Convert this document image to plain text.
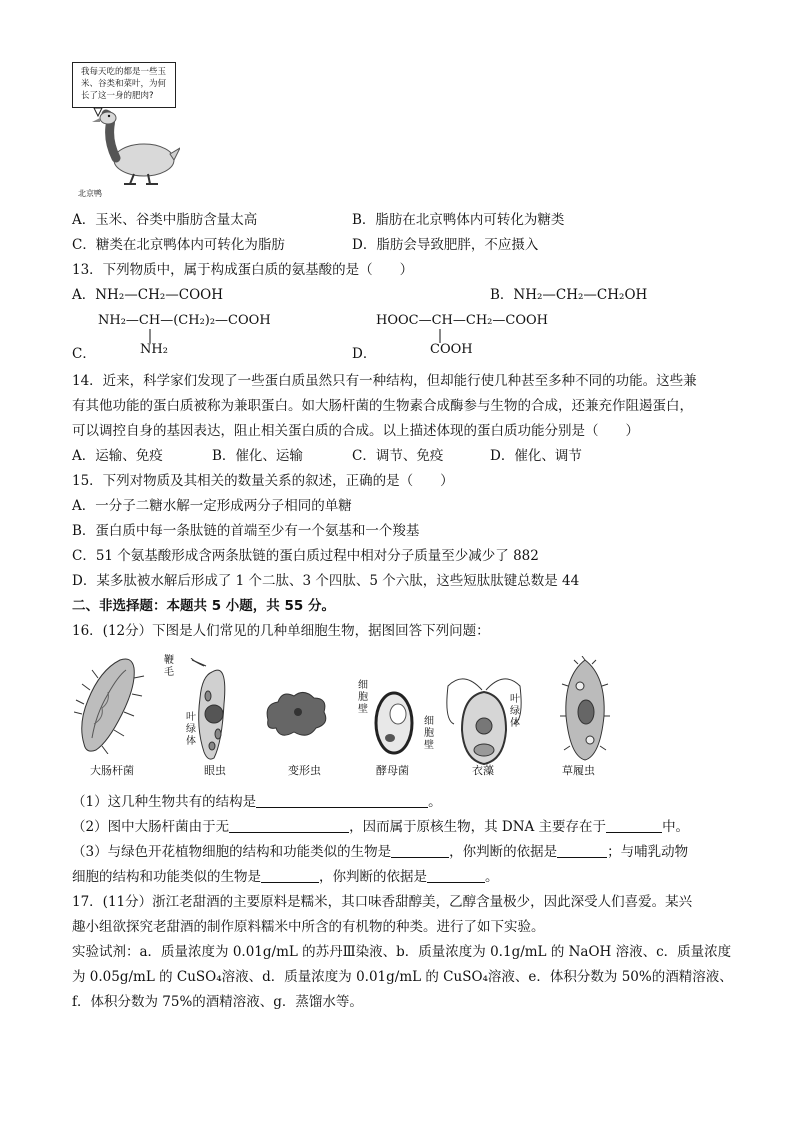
我每天吃的都是一些玉米、谷类和菜叶，为何长了这一身的肥肉?
北京鸭
A．玉米、谷类中脂肪含量太高	B．脂肪在北京鸭体内可转化为糖类
C．糖类在北京鸭体内可转化为脂肪	D．脂肪会导致肥胖，不应摄入
13．下列物质中，属于构成蛋白质的氨基酸的是（　　）
A．NH₂—CH₂—COOH	B．NH₂—CH₂—CH₂OH
NH₂—CH—(CH₂)₂—COOH
NH₂
C．
HOOC—CH—CH₂—COOH
COOH
D．
14．近来，科学家们发现了一些蛋白质虽然只有一种结构，但却能行使几种甚至多种不同的功能。这些兼
有其他功能的蛋白质被称为兼职蛋白。如大肠杆菌的生物素合成酶参与生物的合成，还兼充作阻遏蛋白，
可以调控自身的基因表达，阻止相关蛋白质的合成。以上描述体现的蛋白质功能分别是（　　）
A．运输、免疫	B．催化、运输	C．调节、免疫	D．催化、调节
15．下列对物质及其相关的数量关系的叙述，正确的是（　　）
A．一分子二糖水解一定形成两分子相同的单糖
B．蛋白质中每一条肽链的首端至少有一个氨基和一个羧基
C．51 个氨基酸形成含两条肽链的蛋白质过程中相对分子质量至少减少了 882
D．某多肽被水解后形成了 1 个二肽、3 个四肽、5 个六肽，这些短肽肽键总数是 44
二、非选择题：本题共 5 小题，共 55 分。
16．(12分）下图是人们常见的几种单细胞生物，据图回答下列问题：
鞭毛
叶绿体
细胞壁
叶绿体
细胞壁
大肠杆菌	眼虫	变形虫	酵母菌	衣藻	草履虫
（1）这几种生物共有的结构是	。
（2）图中大肠杆菌由于无	，因而属于原核生物，其 DNA 主要存在于	中。
（3）与绿色开花植物细胞的结构和功能类似的生物是	，你判断的依据是	；与哺乳动物
细胞的结构和功能类似的生物是	，你判断的依据是	。
17．(11分）浙江老甜酒的主要原料是糯米，其口味香甜醇美，乙醇含量极少，因此深受人们喜爱。某兴
趣小组欲探究老甜酒的制作原料糯米中所含的有机物的种类。进行了如下实验。
实验试剂：a．质量浓度为 0.01g/mL 的苏丹Ⅲ染液、b．质量浓度为 0.1g/mL 的 NaOH 溶液、c．质量浓度
为 0.05g/mL 的 CuSO₄溶液、d．质量浓度为 0.01g/mL 的 CuSO₄溶液、e．体积分数为 50%的酒精溶液、
f．体积分数为 75%的酒精溶液、g．蒸馏水等。
